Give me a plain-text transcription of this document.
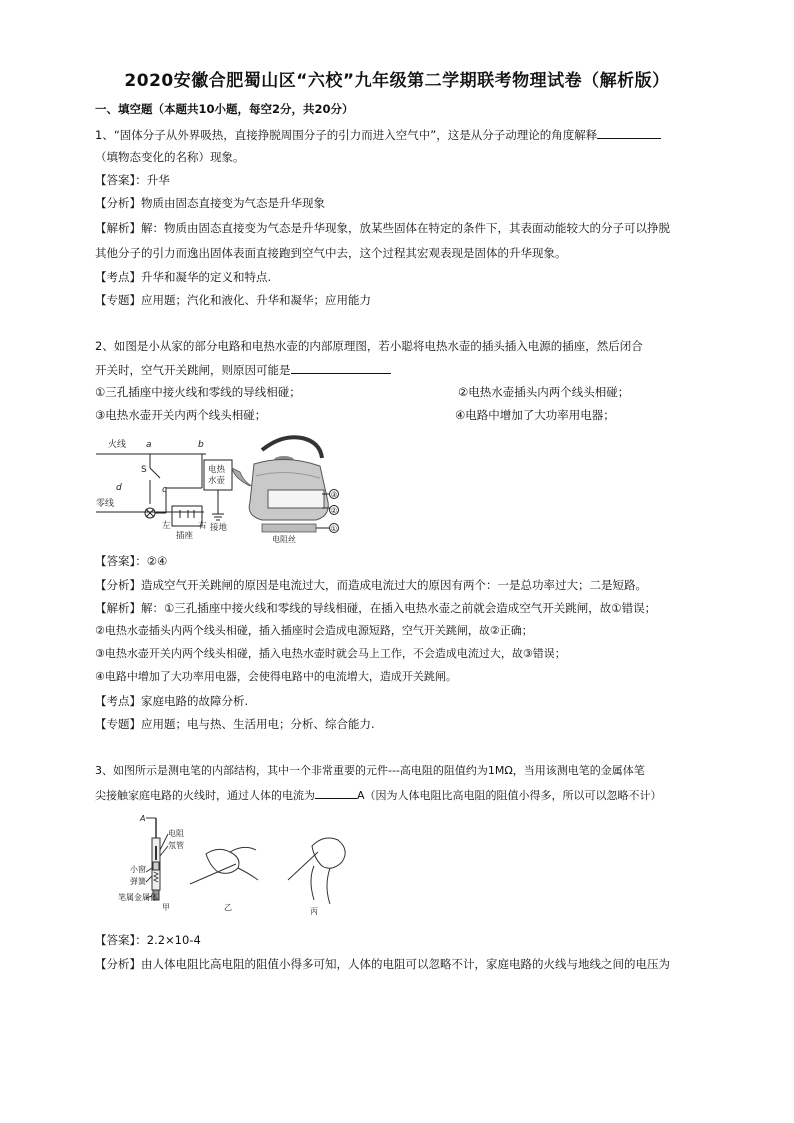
2020安徽合肥蜀山区“六校”九年级第二学期联考物理试卷（解析版）
一、填空题（本题共10小题，每空2分，共20分）
1、“固体分子从外界吸热，直接挣脱周围分子的引力而进入空气中”，这是从分子动理论的角度解释
（填物态变化的名称）现象。
【答案】：升华
【分析】物质由固态直接变为气态是升华现象
【解析】解：物质由固态直接变为气态是升华现象，放某些固体在特定的条件下，其表面动能较大的分子可以挣脱
其他分子的引力而逸出固体表面直接跑到空气中去，这个过程其宏观表现是固体的升华现象。
【考点】升华和凝华的定义和特点.
【专题】应用题；汽化和液化、升华和凝华；应用能力
2、如图是小从家的部分电路和电热水壶的内部原理图，若小聪将电热水壶的插头插入电源的插座，然后闭合
开关时，空气开关跳闸，则原因可能是
①三孔插座中接火线和零线的导线相碰；	②电热水壶插头内两个线头相碰；
③电热水壶开关内两个线头相碰；	④电路中增加了大功率用电器；
火线 a	b
S	电热
水壶
d	c
零线
左	右
插座
接地
③
②
①
电阻丝
【答案】：②④
【分析】造成空气开关跳闸的原因是电流过大，而造成电流过大的原因有两个：一是总功率过大；二是短路。
【解析】解：①三孔插座中接火线和零线的导线相碰，在插入电热水壶之前就会造成空气开关跳闸，故①错误；
②电热水壶插头内两个线头相碰，插入插座时会造成电源短路，空气开关跳闸，故②正确；
③电热水壶开关内两个线头相碰，插入电热水壶时就会马上工作，不会造成电流过大，故③错误；
④电路中增加了大功率用电器，会使得电路中的电流增大，造成开关跳闸。
【考点】家庭电路的故障分析.
【专题】应用题；电与热、生活用电；分析、综合能力.
3、如图所示是测电笔的内部结构，其中一个非常重要的元件---高电阻的阻值约为1MΩ，当用该测电笔的金属体笔
尖接触家庭电路的火线时，通过人体的电流为	A（因为人体电阻比高电阻的阻值小得多，所以可以忽略不计）
A
电阻
氖管
小窗
弹簧
笔属金属体
甲	乙	丙
【答案】：2.2×10-4
【分析】由人体电阻比高电阻的阻值小得多可知，人体的电阻可以忽略不计，家庭电路的火线与地线之间的电压为
